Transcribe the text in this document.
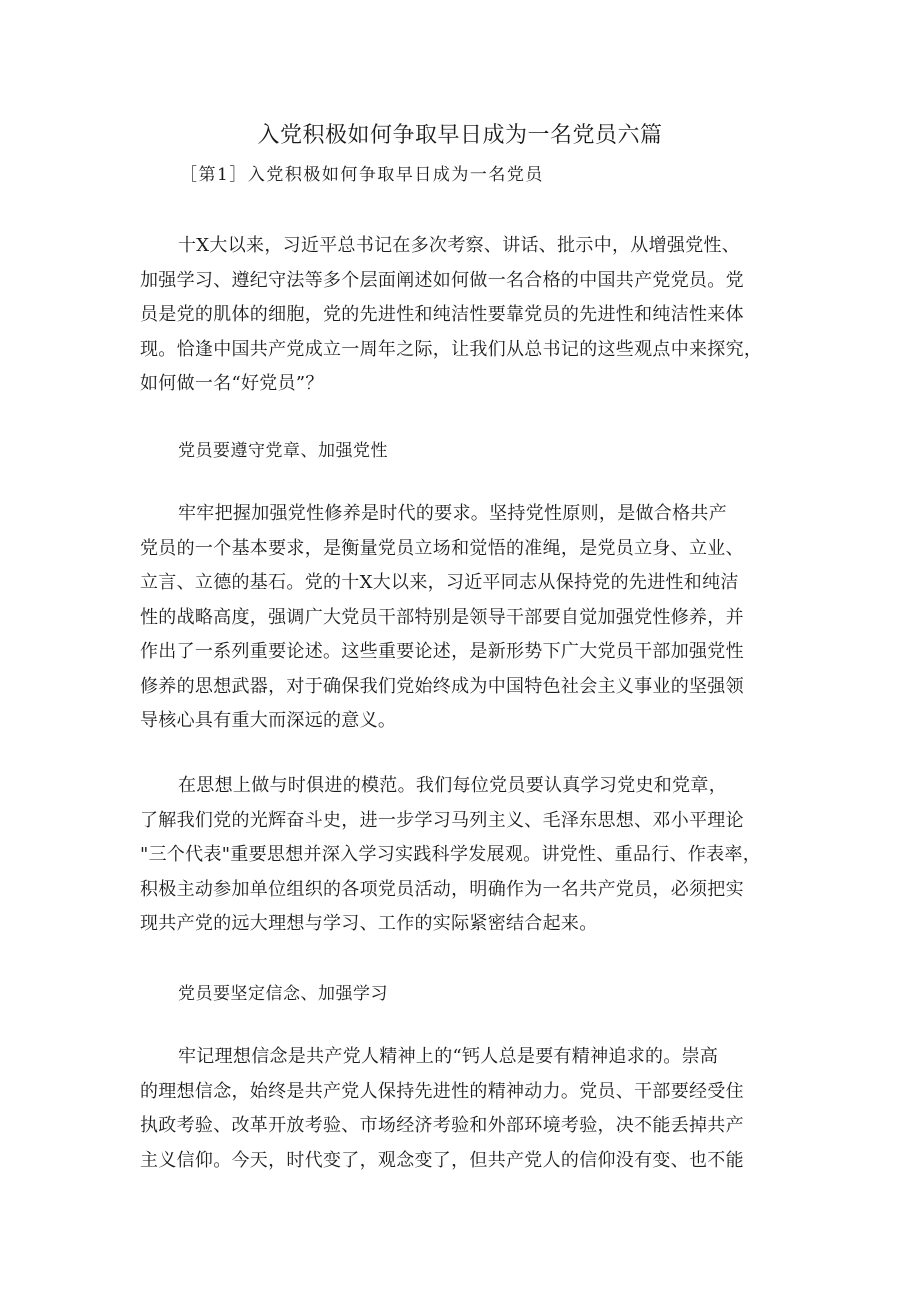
入党积极如何争取早日成为一名党员六篇

［第1］入党积极如何争取早日成为一名党员

十X大以来，习近平总书记在多次考察、讲话、批示中，从增强党性、
加强学习、遵纪守法等多个层面阐述如何做一名合格的中国共产党党员。党
员是党的肌体的细胞，党的先进性和纯洁性要靠党员的先进性和纯洁性来体
现。恰逢中国共产党成立一周年之际，让我们从总书记的这些观点中来探究，
如何做一名“好党员”？

党员要遵守党章、加强党性

牢牢把握加强党性修养是时代的要求。坚持党性原则，是做合格共产
党员的一个基本要求，是衡量党员立场和觉悟的准绳，是党员立身、立业、
立言、立德的基石。党的十X大以来，习近平同志从保持党的先进性和纯洁
性的战略高度，强调广大党员干部特别是领导干部要自觉加强党性修养，并
作出了一系列重要论述。这些重要论述，是新形势下广大党员干部加强党性
修养的思想武器，对于确保我们党始终成为中国特色社会主义事业的坚强领
导核心具有重大而深远的意义。
在思想上做与时俱进的模范。我们每位党员要认真学习党史和党章，
了解我们党的光辉奋斗史，进一步学习马列主义、毛泽东思想、邓小平理论
"三个代表"重要思想并深入学习实践科学发展观。讲党性、重品行、作表率，
积极主动参加单位组织的各项党员活动，明确作为一名共产党员，必须把实
现共产党的远大理想与学习、工作的实际紧密结合起来。

党员要坚定信念、加强学习

牢记理想信念是共产党人精神上的“钙人总是要有精神追求的。崇高
的理想信念，始终是共产党人保持先进性的精神动力。党员、干部要经受住
执政考验、改革开放考验、市场经济考验和外部环境考验，决不能丢掉共产
主义信仰。今天，时代变了，观念变了，但共产党人的信仰没有变、也不能
